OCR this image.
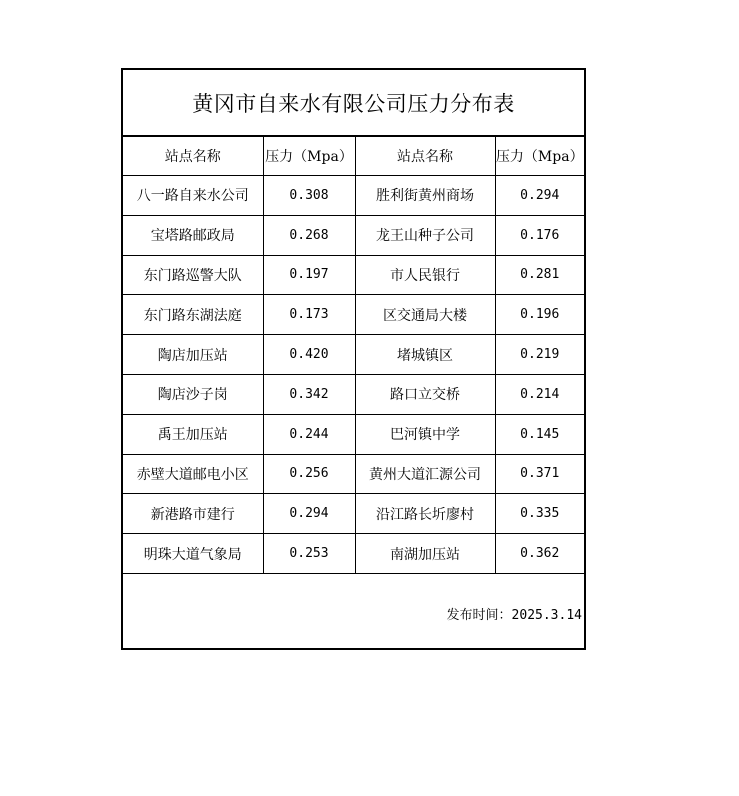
黄冈市自来水有限公司压力分布表
站点名称	压力（Mpa）	站点名称	压力（Mpa）
八一路自来水公司	0.308	胜利街黄州商场	0.294
宝塔路邮政局	0.268	龙王山种子公司	0.176
东门路巡警大队	0.197	市人民银行	0.281
东门路东湖法庭	0.173	区交通局大楼	0.196
陶店加压站	0.420	堵城镇区	0.219
陶店沙子岗	0.342	路口立交桥	0.214
禹王加压站	0.244	巴河镇中学	0.145
赤壁大道邮电小区	0.256	黄州大道汇源公司	0.371
新港路市建行	0.294	沿江路长圻廖村	0.335
明珠大道气象局	0.253	南湖加压站	0.362
发布时间：2025.3.14
